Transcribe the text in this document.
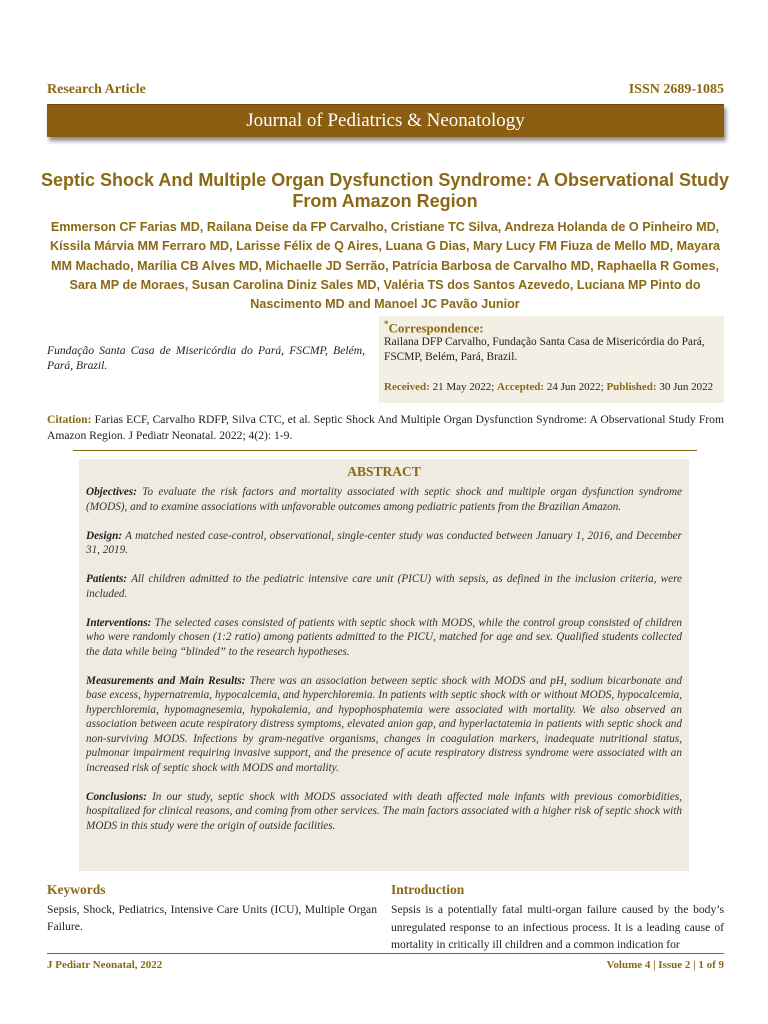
Research Article	ISSN 2689-1085
Journal of Pediatrics & Neonatology
Septic Shock And Multiple Organ Dysfunction Syndrome: A Observational Study From Amazon Region
Emmerson CF Farias MD, Railana Deise da FP Carvalho, Cristiane TC Silva, Andreza Holanda de O Pinheiro MD, Kíssila Márvia MM Ferraro MD, Larisse Félix de Q Aires, Luana G Dias, Mary Lucy FM Fiuza de Mello MD, Mayara MM Machado, Marília CB Alves MD, Michaelle JD Serrão, Patrícia Barbosa de Carvalho MD, Raphaella R Gomes, Sara MP de Moraes, Susan Carolina Diniz Sales MD, Valéria TS dos Santos Azevedo, Luciana MP Pinto do Nascimento MD and Manoel JC Pavão Junior
Fundação Santa Casa de Misericórdia do Pará, FSCMP, Belém, Pará, Brazil.
*Correspondence:
Railana DFP Carvalho, Fundação Santa Casa de Misericórdia do Pará, FSCMP, Belém, Pará, Brazil.
Received: 21 May 2022; Accepted: 24 Jun 2022; Published: 30 Jun 2022
Citation: Farias ECF, Carvalho RDFP, Silva CTC, et al. Septic Shock And Multiple Organ Dysfunction Syndrome: A Observational Study From Amazon Region. J Pediatr Neonatal. 2022; 4(2): 1-9.
ABSTRACT

Objectives: To evaluate the risk factors and mortality associated with septic shock and multiple organ dysfunction syndrome (MODS), and to examine associations with unfavorable outcomes among pediatric patients from the Brazilian Amazon.

Design: A matched nested case-control, observational, single-center study was conducted between January 1, 2016, and December 31, 2019.

Patients: All children admitted to the pediatric intensive care unit (PICU) with sepsis, as defined in the inclusion criteria, were included.

Interventions: The selected cases consisted of patients with septic shock with MODS, while the control group consisted of children who were randomly chosen (1:2 ratio) among patients admitted to the PICU, matched for age and sex. Qualified students collected the data while being “blinded” to the research hypotheses.

Measurements and Main Results: There was an association between septic shock with MODS and pH, sodium bicarbonate and base excess, hypernatremia, hypocalcemia, and hyperchloremia. In patients with septic shock with or without MODS, hypocalcemia, hyperchloremia, hypomagnesemia, hypokalemia, and hypophosphatemia were associated with mortality. We also observed an association between acute respiratory distress symptoms, elevated anion gap, and hyperlactatemia in patients with septic shock and non-surviving MODS. Infections by gram-negative organisms, changes in coagulation markers, inadequate nutritional status, pulmonar impairment requiring invasive support, and the presence of acute respiratory distress syndrome were associated with an increased risk of septic shock with MODS and mortality.

Conclusions: In our study, septic shock with MODS associated with death affected male infants with previous comorbidities, hospitalized for clinical reasons, and coming from other services. The main factors associated with a higher risk of septic shock with MODS in this study were the origin of outside facilities.

Keywords
Sepsis, Shock, Pediatrics, Intensive Care Units (ICU), Multiple Organ Failure.
Introduction
Sepsis is a potentially fatal multi-organ failure caused by the body’s unregulated response to an infectious process. It is a leading cause of mortality in critically ill children and a common indication for
J Pediatr Neonatal, 2022	Volume 4 | Issue 2 | 1 of 9
